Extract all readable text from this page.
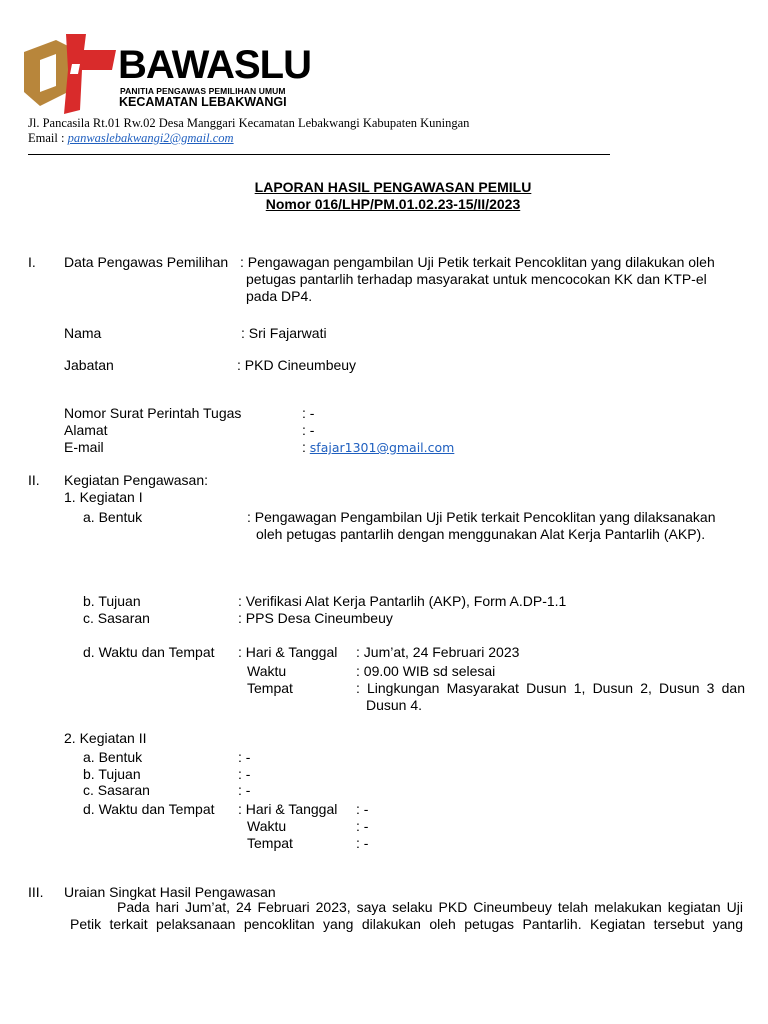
BAWASLU
PANITIA PENGAWAS PEMILIHAN UMUM
KECAMATAN LEBAKWANGI
Jl. Pancasila Rt.01 Rw.02 Desa Manggari Kecamatan Lebakwangi Kabupaten Kuningan
Email : panwaslebakwangi2@gmail.com
LAPORAN HASIL PENGAWASAN PEMILU
Nomor 016/LHP/PM.01.02.23-15/II/2023
I. Data Pengawas Pemilihan : Pengawagan pengambilan Uji Petik terkait Pencoklitan yang dilakukan oleh
petugas pantarlih terhadap masyarakat untuk mencocokan KK dan KTP-el
pada DP4.
Nama	: Sri Fajarwati
Jabatan	: PKD Cineumbeuy
Nomor Surat Perintah Tugas	: -
Alamat	: -
E-mail	: sfajar1301@gmail.com
II. Kegiatan Pengawasan:
1. Kegiatan I
a. Bentuk	: Pengawagan Pengambilan Uji Petik terkait Pencoklitan yang dilaksanakan
oleh petugas pantarlih dengan menggunakan Alat Kerja Pantarlih (AKP).
b. Tujuan	: Verifikasi Alat Kerja Pantarlih (AKP), Form A.DP-1.1
c. Sasaran	: PPS Desa Cineumbeuy
d. Waktu dan Tempat : Hari & Tanggal : Jum’at, 24 Februari 2023
Waktu	: 09.00 WIB sd selesai
Tempat	: Lingkungan Masyarakat Dusun 1, Dusun 2, Dusun 3 dan
Dusun 4.
2. Kegiatan II
a. Bentuk	: -
b. Tujuan	: -
c. Sasaran	: -
d. Waktu dan Tempat : Hari & Tanggal : -
Waktu	: -
Tempat	: -
III. Uraian Singkat Hasil Pengawasan
Pada hari Jum’at, 24 Februari 2023, saya selaku PKD Cineumbeuy telah melakukan kegiatan Uji
Petik terkait pelaksanaan pencoklitan yang dilakukan oleh petugas Pantarlih. Kegiatan tersebut yang
